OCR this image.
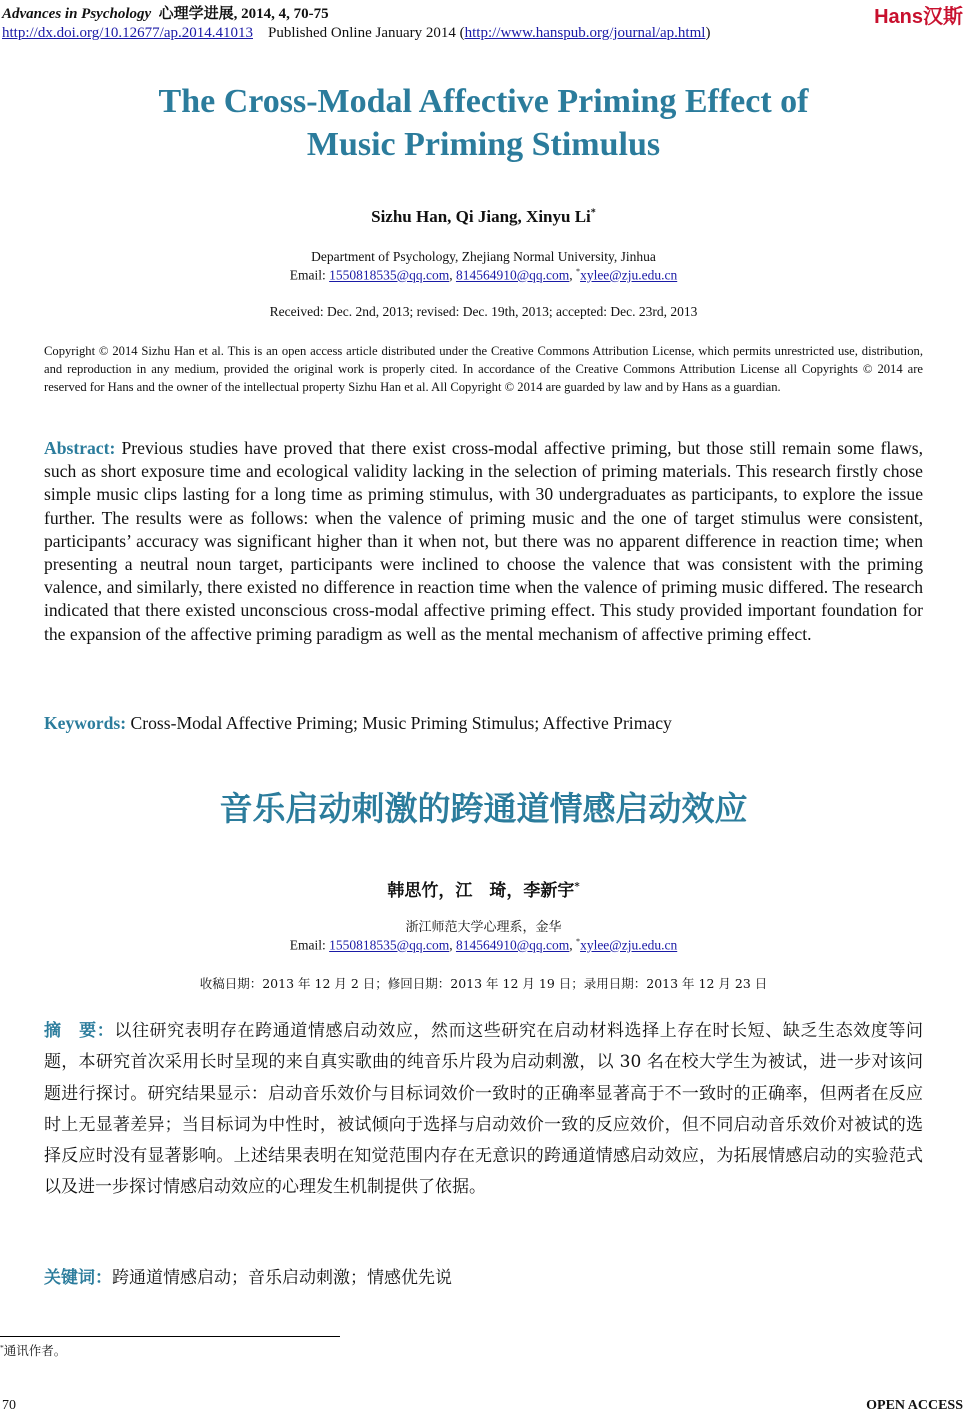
Advances in Psychology 心理学进展, 2014, 4, 70-75
http://dx.doi.org/10.12677/ap.2014.41013 Published Online January 2014 (http://www.hanspub.org/journal/ap.html)
Hans汉斯
The Cross-Modal Affective Priming Effect of
Music Priming Stimulus
Sizhu Han, Qi Jiang, Xinyu Li*
Department of Psychology, Zhejiang Normal University, Jinhua
Email: 1550818535@qq.com, 814564910@qq.com, *xylee@zju.edu.cn
Received: Dec. 2nd, 2013; revised: Dec. 19th, 2013; accepted: Dec. 23rd, 2013
Copyright © 2014 Sizhu Han et al. This is an open access article distributed under the Creative Commons Attribution License, which permits unrestricted use, distribution, and reproduction in any medium, provided the original work is properly cited. In accordance of the Creative Commons Attribution License all Copyrights © 2014 are reserved for Hans and the owner of the intellectual property Sizhu Han et al. All Copyright © 2014 are guarded by law and by Hans as a guardian.
Abstract: Previous studies have proved that there exist cross-modal affective priming, but those still remain some flaws, such as short exposure time and ecological validity lacking in the selection of priming materials. This research firstly chose simple music clips lasting for a long time as priming stimulus, with 30 undergraduates as participants, to explore the issue further. The results were as follows: when the valence of priming music and the one of target stimulus were consistent, participants’ accuracy was significant higher than it when not, but there was no apparent difference in reaction time; when presenting a neutral noun target, participants were inclined to choose the valence that was consistent with the priming valence, and similarly, there existed no difference in reaction time when the valence of priming music differed. The research indicated that there existed unconscious cross-modal affective priming effect. This study provided important foundation for the expansion of the affective priming paradigm as well as the mental mechanism of affective priming effect.
Keywords: Cross-Modal Affective Priming; Music Priming Stimulus; Affective Primacy
音乐启动刺激的跨通道情感启动效应
韩思竹，江　琦，李新宇*
浙江师范大学心理系，金华
Email: 1550818535@qq.com, 814564910@qq.com, *xylee@zju.edu.cn
收稿日期：2013 年 12 月 2 日；修回日期：2013 年 12 月 19 日；录用日期：2013 年 12 月 23 日
摘　要：以往研究表明存在跨通道情感启动效应，然而这些研究在启动材料选择上存在时长短、缺乏生态效度等问题，本研究首次采用长时呈现的来自真实歌曲的纯音乐片段为启动刺激，以 30 名在校大学生为被试，进一步对该问题进行探讨。研究结果显示：启动音乐效价与目标词效价一致时的正确率显著高于不一致时的正确率，但两者在反应时上无显著差异；当目标词为中性时，被试倾向于选择与启动效价一致的反应效价，但不同启动音乐效价对被试的选择反应时没有显著影响。上述结果表明在知觉范围内存在无意识的跨通道情感启动效应，为拓展情感启动的实验范式以及进一步探讨情感启动效应的心理发生机制提供了依据。
关键词：跨通道情感启动；音乐启动刺激；情感优先说
*通讯作者。
70	OPEN ACCESS
